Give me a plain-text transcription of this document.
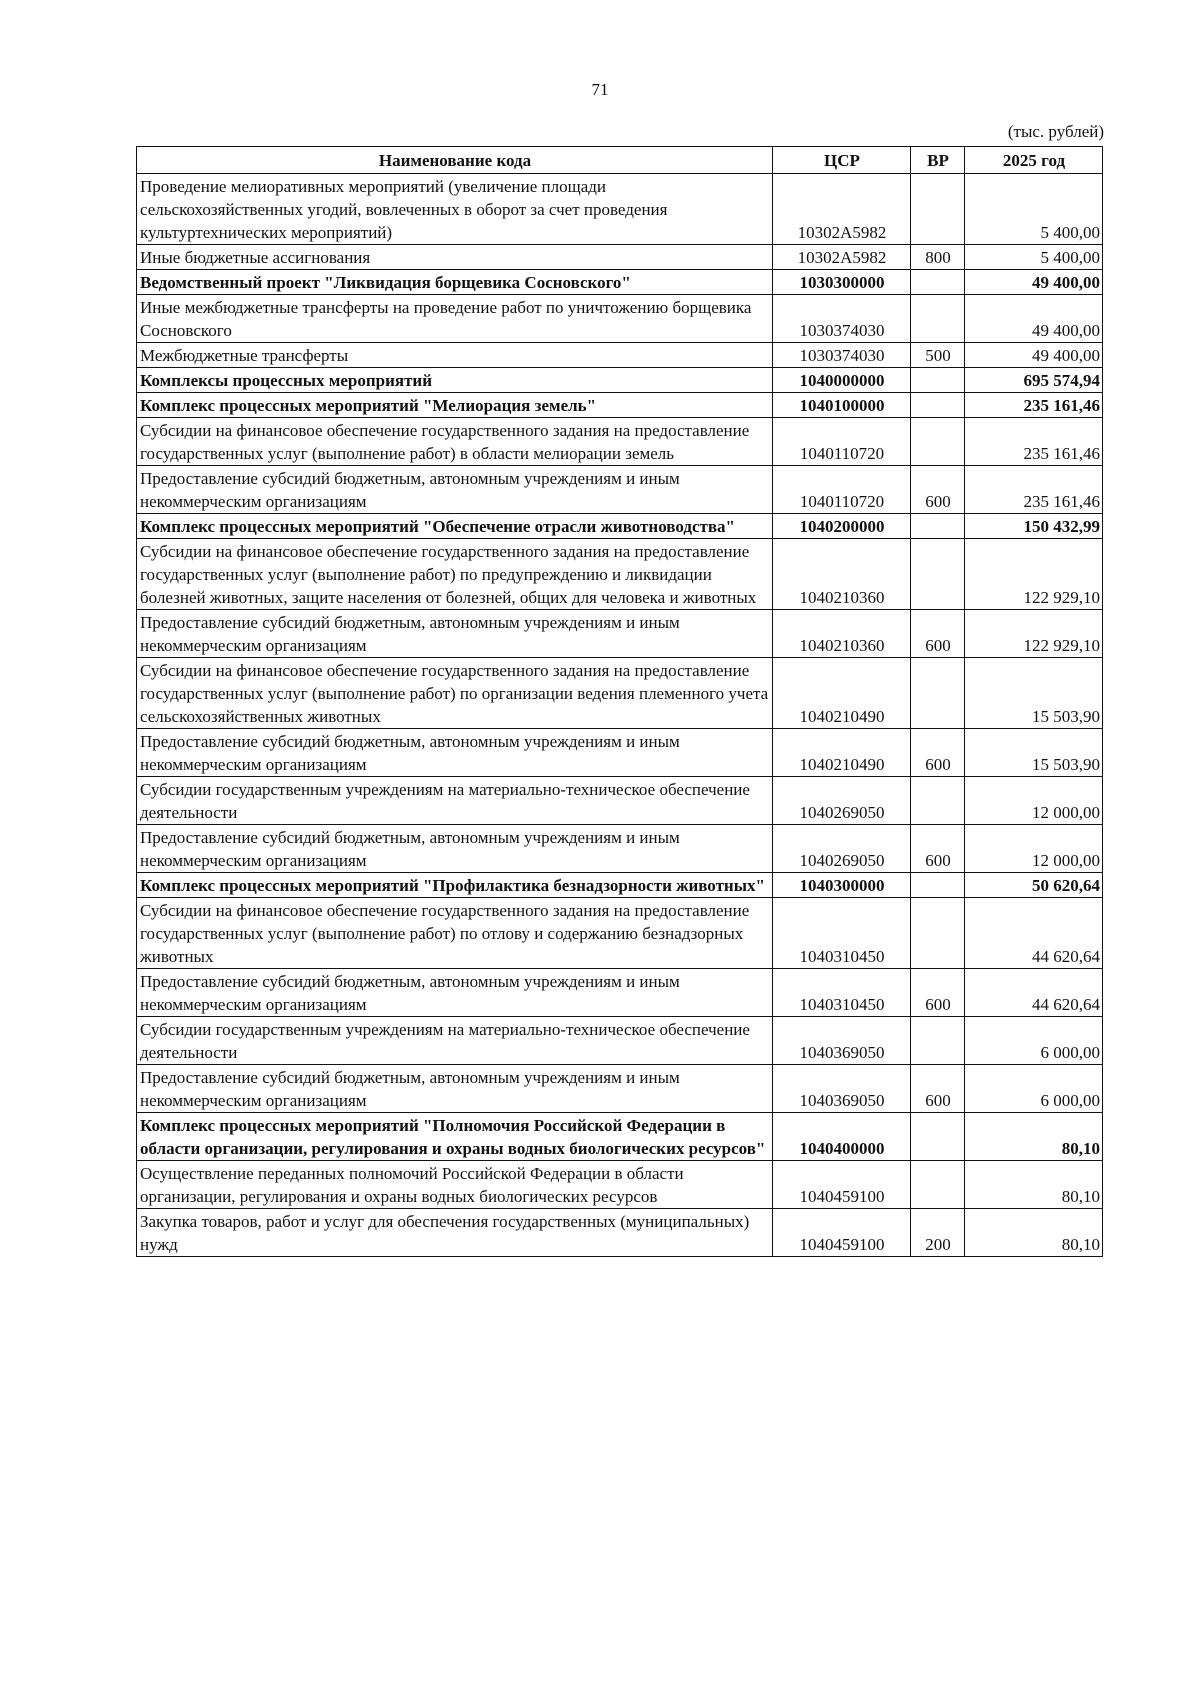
71
(тыс. рублей)
Наименование кода	ЦСР	ВР	2025 год
Проведение мелиоративных мероприятий (увеличение площади сельскохозяйственных угодий, вовлеченных в оборот за счет проведения культуртехнических мероприятий)	10302А5982		5 400,00
Иные бюджетные ассигнования	10302А5982	800	5 400,00
Ведомственный проект "Ликвидация борщевика Сосновского"	1030300000		49 400,00
Иные межбюджетные трансферты на проведение работ по уничтожению борщевика Сосновского	1030374030		49 400,00
Межбюджетные трансферты	1030374030	500	49 400,00
Комплексы процессных мероприятий	1040000000		695 574,94
Комплекс процессных мероприятий "Мелиорация земель"	1040100000		235 161,46
Субсидии на финансовое обеспечение государственного задания на предоставление государственных услуг (выполнение работ) в области мелиорации земель	1040110720		235 161,46
Предоставление субсидий бюджетным, автономным учреждениям и иным некоммерческим организациям	1040110720	600	235 161,46
Комплекс процессных мероприятий "Обеспечение отрасли животноводства"	1040200000		150 432,99
Субсидии на финансовое обеспечение государственного задания на предоставление государственных услуг (выполнение работ) по предупреждению и ликвидации болезней животных, защите населения от болезней, общих для человека и животных	1040210360		122 929,10
Предоставление субсидий бюджетным, автономным учреждениям и иным некоммерческим организациям	1040210360	600	122 929,10
Субсидии на финансовое обеспечение государственного задания на предоставление государственных услуг (выполнение работ) по организации ведения племенного учета сельскохозяйственных животных	1040210490		15 503,90
Предоставление субсидий бюджетным, автономным учреждениям и иным некоммерческим организациям	1040210490	600	15 503,90
Субсидии государственным учреждениям на материально-техническое обеспечение деятельности	1040269050		12 000,00
Предоставление субсидий бюджетным, автономным учреждениям и иным некоммерческим организациям	1040269050	600	12 000,00
Комплекс процессных мероприятий "Профилактика безнадзорности животных"	1040300000		50 620,64
Субсидии на финансовое обеспечение государственного задания на предоставление государственных услуг (выполнение работ) по отлову и содержанию безнадзорных животных	1040310450		44 620,64
Предоставление субсидий бюджетным, автономным учреждениям и иным некоммерческим организациям	1040310450	600	44 620,64
Субсидии государственным учреждениям на материально-техническое обеспечение деятельности	1040369050		6 000,00
Предоставление субсидий бюджетным, автономным учреждениям и иным некоммерческим организациям	1040369050	600	6 000,00
Комплекс процессных мероприятий "Полномочия Российской Федерации в области организации, регулирования и охраны водных биологических ресурсов"	1040400000		80,10
Осуществление переданных полномочий Российской Федерации в области организации, регулирования и охраны водных биологических ресурсов	1040459100		80,10
Закупка товаров, работ и услуг для обеспечения государственных (муниципальных) нужд	1040459100	200	80,10
